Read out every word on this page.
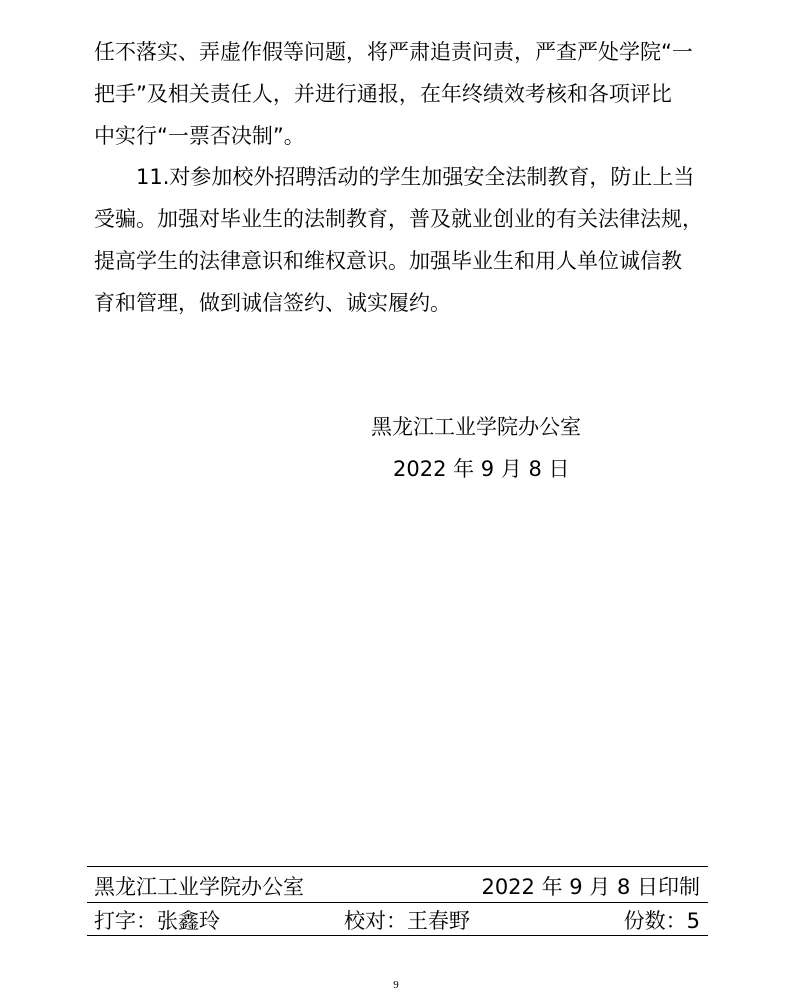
任不落实、弄虚作假等问题，将严肃追责问责，严查严处学院“一
把手”及相关责任人，并进行通报，在年终绩效考核和各项评比
中实行“一票否决制”。
11.对参加校外招聘活动的学生加强安全法制教育，防止上当
受骗。加强对毕业生的法制教育，普及就业创业的有关法律法规，
提高学生的法律意识和维权意识。加强毕业生和用人单位诚信教
育和管理，做到诚信签约、诚实履约。
黑龙江工业学院办公室
2022 年 9 月 8 日
黑龙江工业学院办公室	2022 年 9 月 8 日印制
打字：张鑫玲	校对：王春野	份数：5
9
